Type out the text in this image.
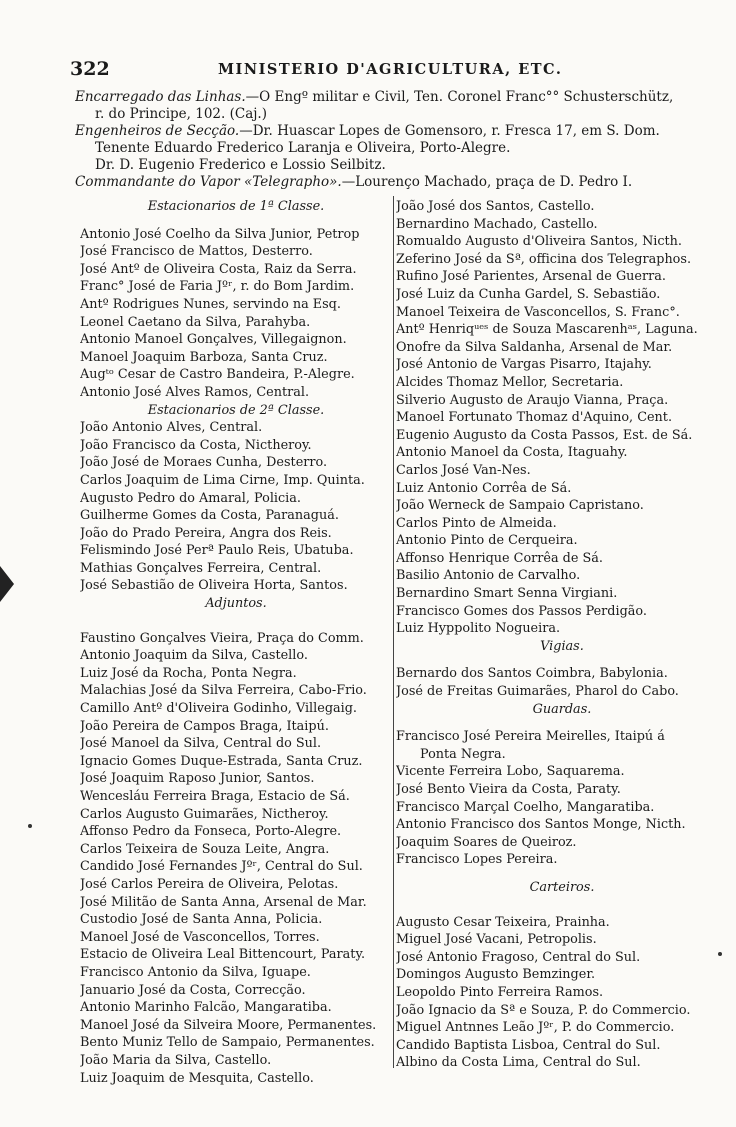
322	MINISTERIO D'AGRICULTURA, ETC.
Encarregado das Linhas.—O Engº militar e Civil, Ten. Coronel Franc°° Schusterschütz,
r. do Principe, 102. (Caj.)
Engenheiros de Secção.—Dr. Huascar Lopes de Gomensoro, r. Fresca 17, em S. Dom.
Tenente Eduardo Frederico Laranja e Oliveira, Porto-Alegre.
Dr. D. Eugenio Frederico e Lossio Seilbitz.
Commandante do Vapor «Telegrapho».—Lourenço Machado, praça de D. Pedro I.
Estacionarios de 1ª Classe.
Antonio José Coelho da Silva Junior, Petrop
José Francisco de Mattos, Desterro.
José Antº de Oliveira Costa, Raiz da Serra.
Franc° José de Faria Jºʳ, r. do Bom Jardim.
Antº Rodrigues Nunes, servindo na Esq.
Leonel Caetano da Silva, Parahyba.
Antonio Manoel Gonçalves, Villegaignon.
Manoel Joaquim Barboza, Santa Cruz.
Augᵗᵒ Cesar de Castro Bandeira, P.-Alegre.
Antonio José Alves Ramos, Central.
Estacionarios de 2ª Classe.
João Antonio Alves, Central.
João Francisco da Costa, Nictheroy.
João José de Moraes Cunha, Desterro.
Carlos Joaquim de Lima Cirne, Imp. Quinta.
Augusto Pedro do Amaral, Policia.
Guilherme Gomes da Costa, Paranaguá.
João do Prado Pereira, Angra dos Reis.
Felismindo José Perª Paulo Reis, Ubatuba.
Mathias Gonçalves Ferreira, Central.
José Sebastião de Oliveira Horta, Santos.
Adjuntos.
Faustino Gonçalves Vieira, Praça do Comm.
Antonio Joaquim da Silva, Castello.
Luiz José da Rocha, Ponta Negra.
Malachias José da Silva Ferreira, Cabo-Frio.
Camillo Antº d'Oliveira Godinho, Villegaig.
João Pereira de Campos Braga, Itaipú.
José Manoel da Silva, Central do Sul.
Ignacio Gomes Duque-Estrada, Santa Cruz.
José Joaquim Raposo Junior, Santos.
Wencesláu Ferreira Braga, Estacio de Sá.
Carlos Augusto Guimarães, Nictheroy.
Affonso Pedro da Fonseca, Porto-Alegre.
Carlos Teixeira de Souza Leite, Angra.
Candido José Fernandes Jºʳ, Central do Sul.
José Carlos Pereira de Oliveira, Pelotas.
José Militão de Santa Anna, Arsenal de Mar.
Custodio José de Santa Anna, Policia.
Manoel José de Vasconcellos, Torres.
Estacio de Oliveira Leal Bittencourt, Paraty.
Francisco Antonio da Silva, Iguape.
Januario José da Costa, Correcção.
Antonio Marinho Falcão, Mangaratiba.
Manoel José da Silveira Moore, Permanentes.
Bento Muniz Tello de Sampaio, Permanentes.
João Maria da Silva, Castello.
Luiz Joaquim de Mesquita, Castello.
João José dos Santos, Castello.
Bernardino Machado, Castello.
Romualdo Augusto d'Oliveira Santos, Nicth.
Zeferino José da Sª, officina dos Telegraphos.
Rufino José Parientes, Arsenal de Guerra.
José Luiz da Cunha Gardel, S. Sebastião.
Manoel Teixeira de Vasconcellos, S. Franc°.
Antº Henriqᵘᵉˢ de Souza Mascarenhᵃˢ, Laguna.
Onofre da Silva Saldanha, Arsenal de Mar.
José Antonio de Vargas Pisarro, Itajahy.
Alcides Thomaz Mellor, Secretaria.
Silverio Augusto de Araujo Vianna, Praça.
Manoel Fortunato Thomaz d'Aquino, Cent.
Eugenio Augusto da Costa Passos, Est. de Sá.
Antonio Manoel da Costa, Itaguahy.
Carlos José Van-Nes.
Luiz Antonio Corrêa de Sá.
João Werneck de Sampaio Capristano.
Carlos Pinto de Almeida.
Antonio Pinto de Cerqueira.
Affonso Henrique Corrêa de Sá.
Basilio Antonio de Carvalho.
Bernardino Smart Senna Virgiani.
Francisco Gomes dos Passos Perdigão.
Luiz Hyppolito Nogueira.
Vigias.
Bernardo dos Santos Coimbra, Babylonia.
José de Freitas Guimarães, Pharol do Cabo.
Guardas.
Francisco José Pereira Meirelles, Itaipú á
Ponta Negra.
Vicente Ferreira Lobo, Saquarema.
José Bento Vieira da Costa, Paraty.
Francisco Marçal Coelho, Mangaratiba.
Antonio Francisco dos Santos Monge, Nicth.
Joaquim Soares de Queiroz.
Francisco Lopes Pereira.
Carteiros.
Augusto Cesar Teixeira, Prainha.
Miguel José Vacani, Petropolis.
José Antonio Fragoso, Central do Sul.
Domingos Augusto Bemzinger.
Leopoldo Pinto Ferreira Ramos.
João Ignacio da Sª e Souza, P. do Commercio.
Miguel Antnnes Leão Jºʳ, P. do Commercio.
Candido Baptista Lisboa, Central do Sul.
Albino da Costa Lima, Central do Sul.
